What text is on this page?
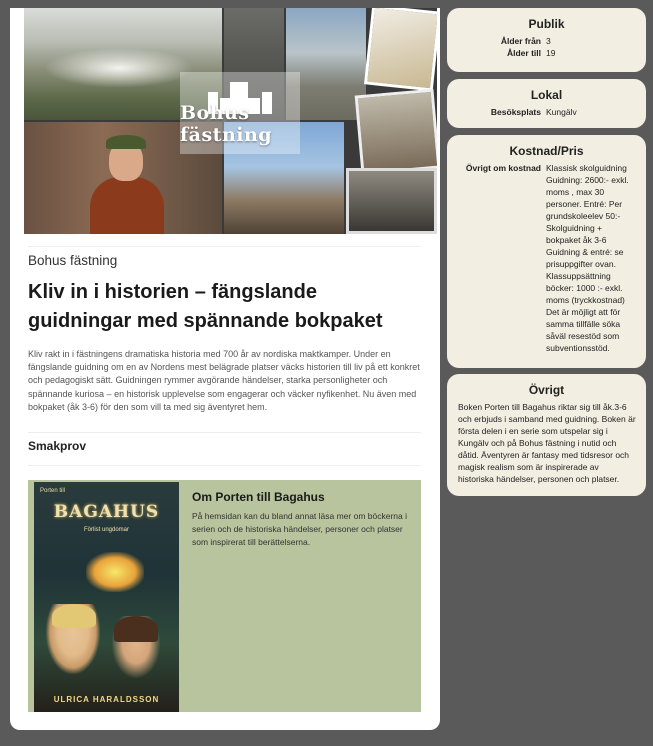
Bohus fästning
Bohus fästning
Kliv in i historien – fängslande guidningar med spännande bokpaket

Kliv rakt in i fästningens dramatiska historia med 700 år av nordiska maktkamper. Under en fängslande guidning om en av Nordens mest belägrade platser väcks historien till liv på ett konkret och pedagogiskt sätt. Guidningen rymmer avgörande händelser, starka personligheter och spännande kuriosa – en historisk upplevelse som engagerar och väcker nyfikenhet. Nu även med bokpaket (åk 3-6) för den som vill ta med sig äventyret hem.

Smakprov
Porten till
BAGAHUS
Förlist ungdomar
ULRICA HARALDSSON
Om Porten till Bagahus
På hemsidan kan du bland annat läsa mer om böckerna i serien och de historiska händelser, personer och platser som inspirerat till berättelserna.
Publik
Ålder från 3
Ålder till 19
Lokal
Besöksplats Kungälv
Kostnad/Pris
Övrigt om kostnad Klassisk skolguidning Guidning: 2600:- exkl. moms , max 30 personer. Entré: Per grundskoleelev 50:- Skolguidning + bokpaket åk 3-6 Guidning & entré: se prisuppgifter ovan. Klassuppsättning böcker: 1000 :- exkl. moms (tryckkostnad) Det är möjligt att för samma tillfälle söka såväl resestöd som subventionsstöd.
Övrigt
Boken Porten till Bagahus riktar sig till åk.3-6 och erbjuds i samband med guidning. Boken är första delen i en serie som utspelar sig i Kungälv och på Bohus fästning i nutid och dåtid. Äventyren är fantasy med tidsresor och magisk realism som är inspirerade av historiska händelser, personen och platser.
